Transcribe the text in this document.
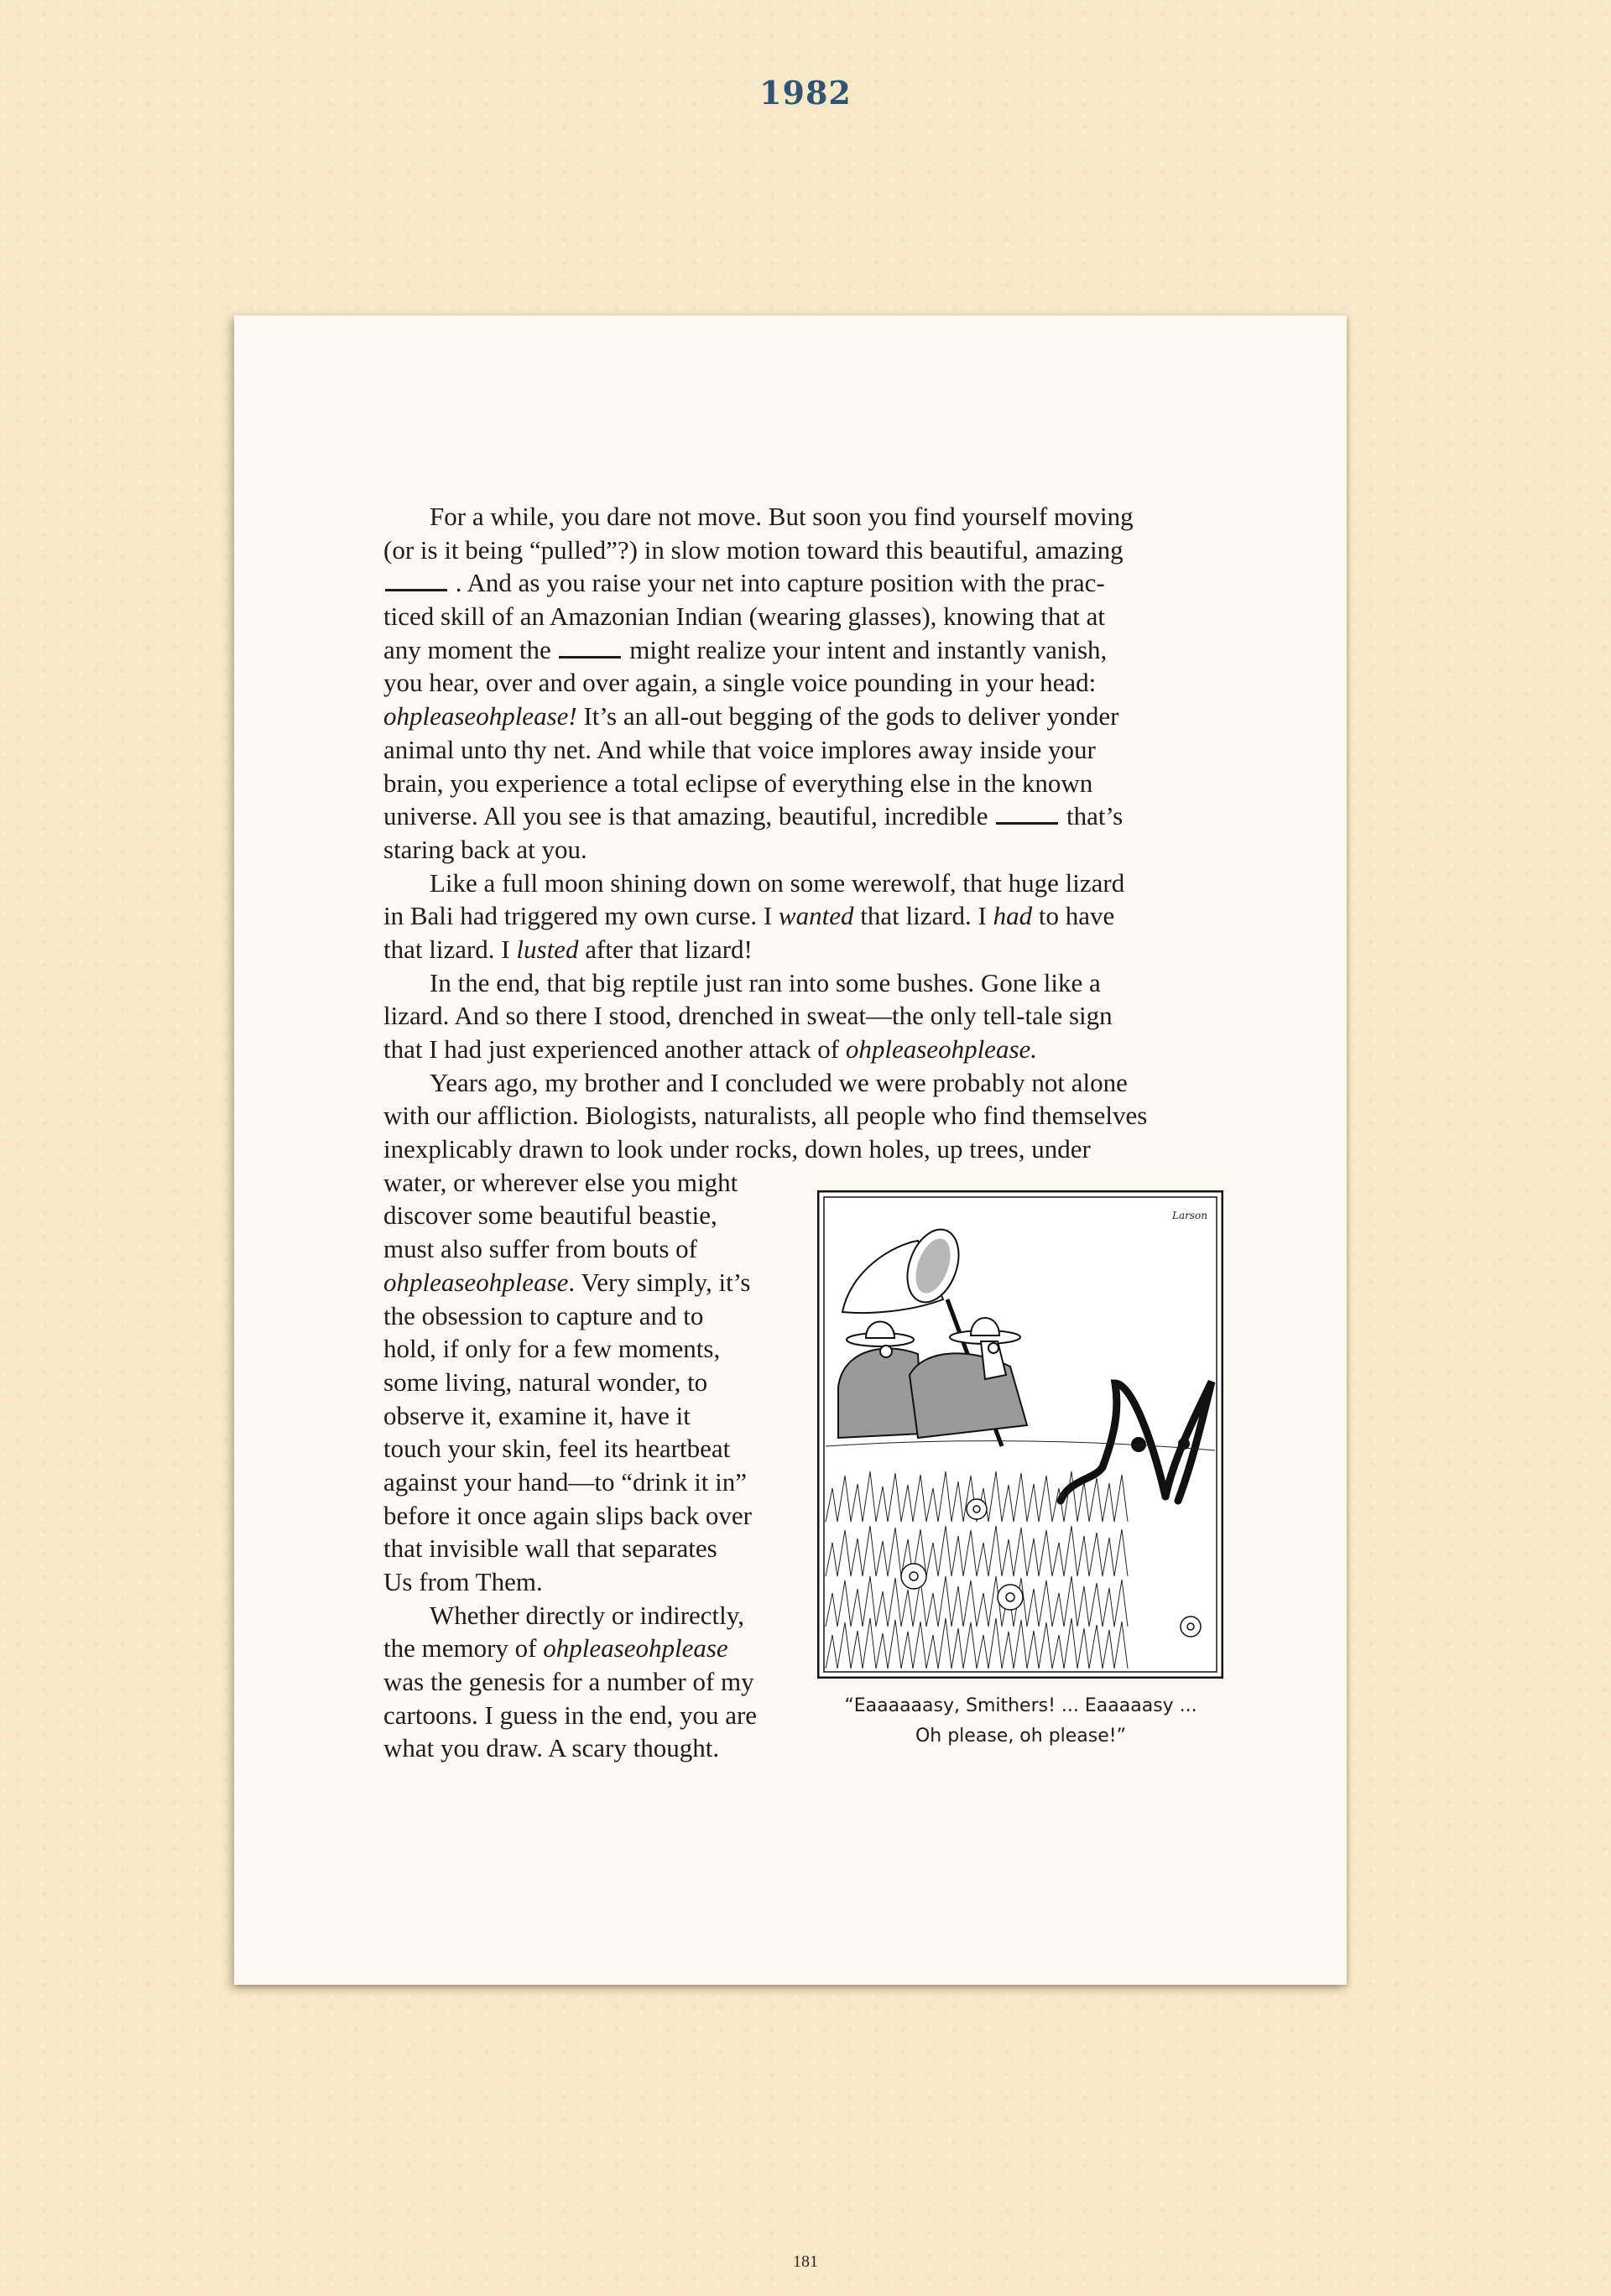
1982
For a while, you dare not move. But soon you find yourself moving
(or is it being “pulled”?) in slow motion toward this beautiful, amazing
. And as you raise your net into capture position with the prac-
ticed skill of an Amazonian Indian (wearing glasses), knowing that at
any moment the	might realize your intent and instantly vanish,
you hear, over and over again, a single voice pounding in your head:
ohpleaseohplease! It’s an all-out begging of the gods to deliver yonder
animal unto thy net. And while that voice implores away inside your
brain, you experience a total eclipse of everything else in the known
universe. All you see is that amazing, beautiful, incredible	that’s
staring back at you.
Like a full moon shining down on some werewolf, that huge lizard
in Bali had triggered my own curse. I wanted that lizard. I had to have
that lizard. I lusted after that lizard!
In the end, that big reptile just ran into some bushes. Gone like a
lizard. And so there I stood, drenched in sweat—the only tell-tale sign
that I had just experienced another attack of ohpleaseohplease.
Years ago, my brother and I concluded we were probably not alone
with our affliction. Biologists, naturalists, all people who find themselves
inexplicably drawn to look under rocks, down holes, up trees, under
water, or wherever else you might
discover some beautiful beastie,
must also suffer from bouts of
ohpleaseohplease. Very simply, it’s
the obsession to capture and to
hold, if only for a few moments,
some living, natural wonder, to
observe it, examine it, have it
touch your skin, feel its heartbeat
against your hand—to “drink it in”
before it once again slips back over
that invisible wall that separates
Us from Them.
Whether directly or indirectly,
the memory of ohpleaseohplease
was the genesis for a number of my
cartoons. I guess in the end, you are
what you draw. A scary thought.
Larson
“Eaaaaaasy, Smithers! ... Eaaaaasy ...
Oh please, oh please!”
181
